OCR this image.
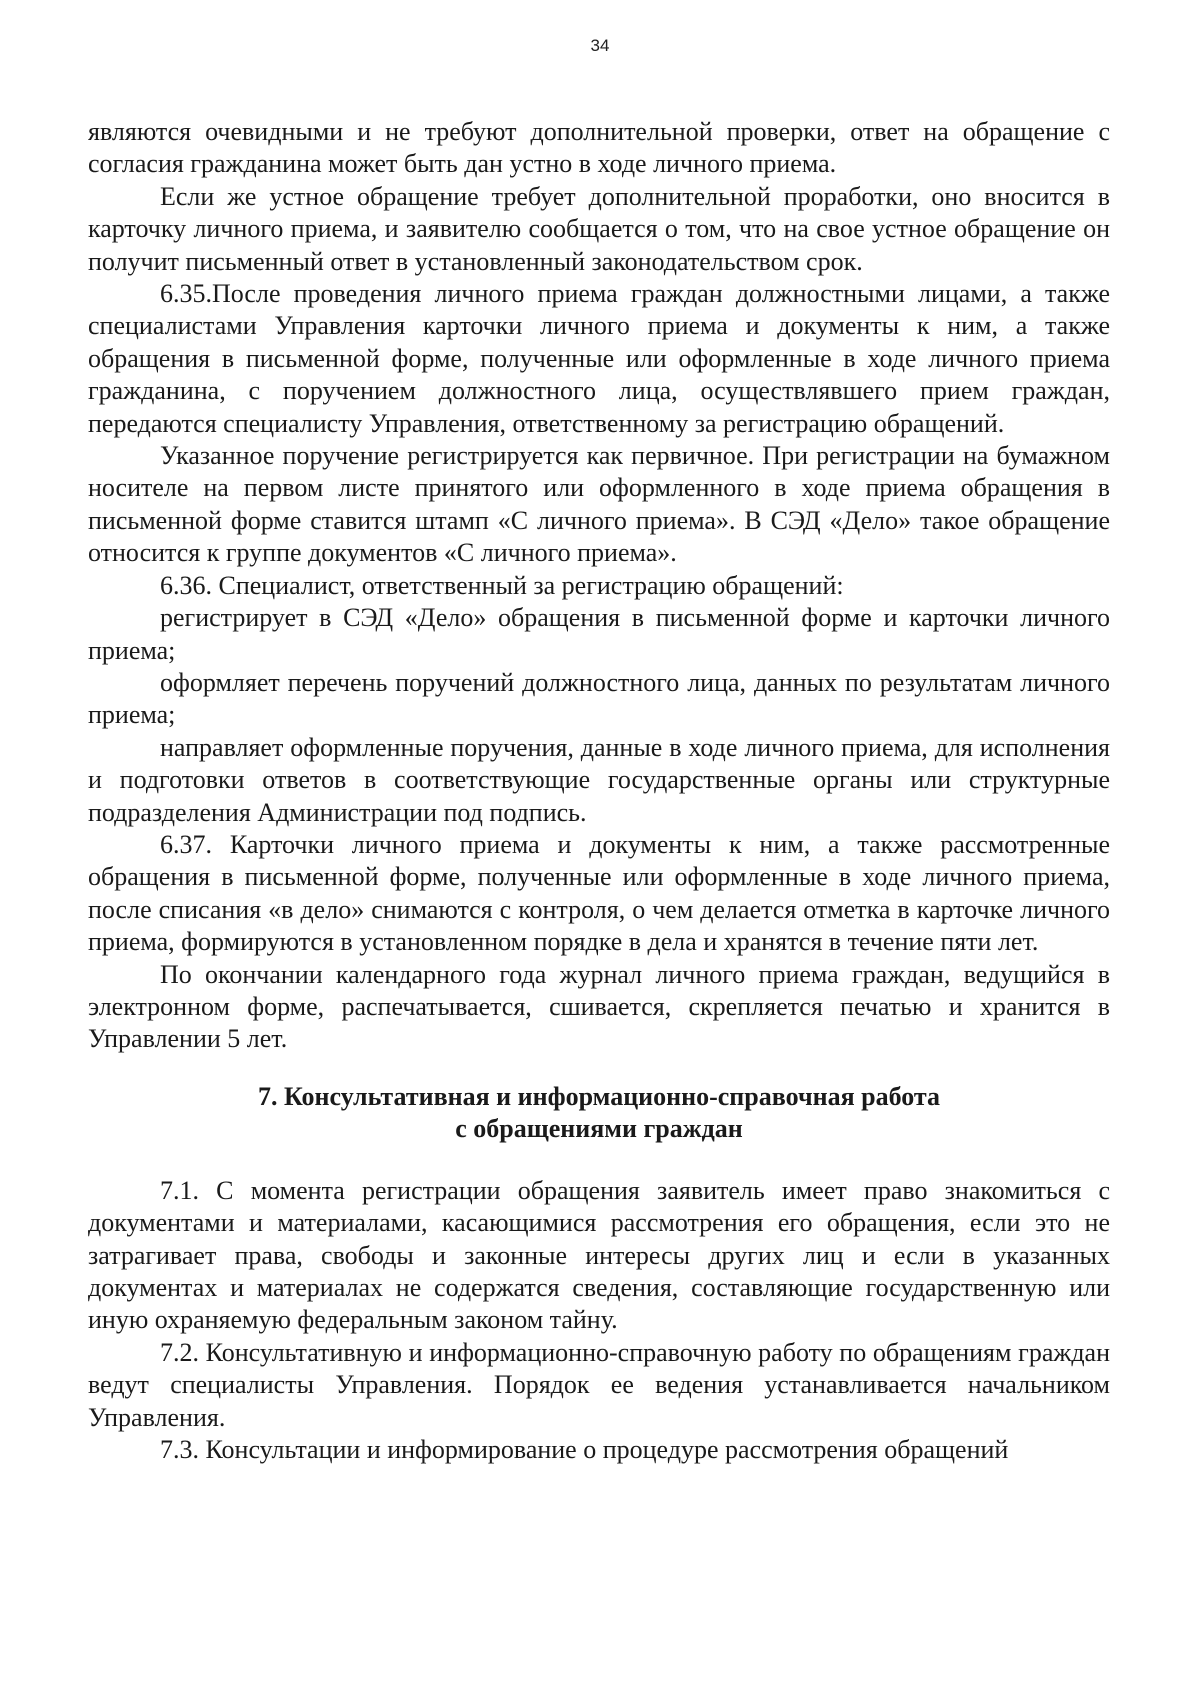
34

являются очевидными и не требуют дополнительной проверки, ответ на обращение с согласия гражданина может быть дан устно в ходе личного приема.

Если же устное обращение требует дополнительной проработки, оно вносится в карточку личного приема, и заявителю сообщается о том, что на свое устное обращение он получит письменный ответ в установленный законодательством срок.

6.35.После проведения личного приема граждан должностными лицами, а также специалистами Управления карточки личного приема и документы к ним, а также обращения в письменной форме, полученные или оформленные в ходе личного приема гражданина, с поручением должностного лица, осуществлявшего прием граждан, передаются специалисту Управления, ответственному за регистрацию обращений.

Указанное поручение регистрируется как первичное. При регистрации на бумажном носителе на первом листе принятого или оформленного в ходе приема обращения в письменной форме ставится штамп «С личного приема». В СЭД «Дело» такое обращение относится к группе документов «С личного приема».

6.36. Специалист, ответственный за регистрацию обращений:

регистрирует в СЭД «Дело» обращения в письменной форме и карточки личного приема;

оформляет перечень поручений должностного лица, данных по результатам личного приема;

направляет оформленные поручения, данные в ходе личного приема, для исполнения и подготовки ответов в соответствующие государственные органы или структурные подразделения Администрации под подпись.

6.37. Карточки личного приема и документы к ним, а также рассмотренные обращения в письменной форме, полученные или оформленные в ходе личного приема, после списания «в дело» снимаются с контроля, о чем делается отметка в карточке личного приема, формируются в установленном порядке в дела и хранятся в течение пяти лет.

По окончании календарного года журнал личного приема граждан, ведущийся в электронном форме, распечатывается, сшивается, скрепляется печатью и хранится в Управлении 5 лет.

7. Консультативная и информационно-справочная работа
с обращениями граждан

7.1. С момента регистрации обращения заявитель имеет право знакомиться с документами и материалами, касающимися рассмотрения его обращения, если это не затрагивает права, свободы и законные интересы других лиц и если в указанных документах и материалах не содержатся сведения, составляющие государственную или иную охраняемую федеральным законом тайну.

7.2. Консультативную и информационно-справочную работу по обращениям граждан ведут специалисты Управления. Порядок ее ведения устанавливается начальником Управления.

7.3. Консультации и информирование о процедуре рассмотрения обращений
